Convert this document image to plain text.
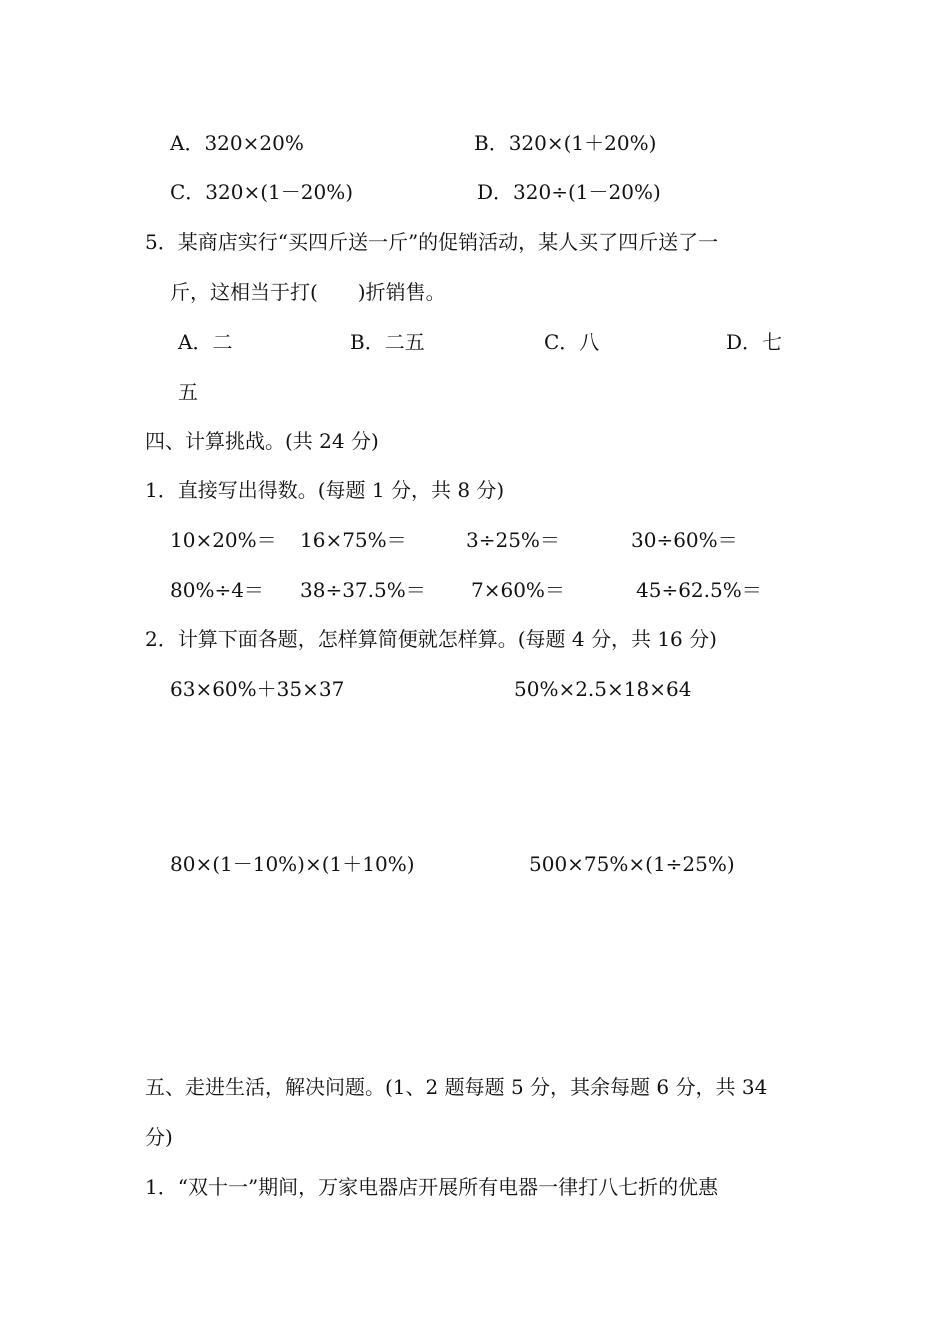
A．320×20%	B．320×(1＋20%)
C．320×(1－20%)	D．320÷(1－20%)
5．某商店实行“买四斤送一斤”的促销活动，某人买了四斤送了一
斤，这相当于打(　　)折销售。
A．二	B．二五	C．八	D．七
五
四、计算挑战。(共 24 分)
1．直接写出得数。(每题 1 分，共 8 分)
10×20%＝ 16×75%＝	3÷25%＝	30÷60%＝
80%÷4＝ 38÷37.5%＝ 7×60%＝	45÷62.5%＝
2．计算下面各题，怎样算简便就怎样算。(每题 4 分，共 16 分)
63×60%＋35×37	50%×2.5×18×64
80×(1－10%)×(1＋10%)	500×75%×(1÷25%)
五、走进生活，解决问题。(1、2 题每题 5 分，其余每题 6 分，共 34
分)
1．“双十一”期间，万家电器店开展所有电器一律打八七折的优惠
